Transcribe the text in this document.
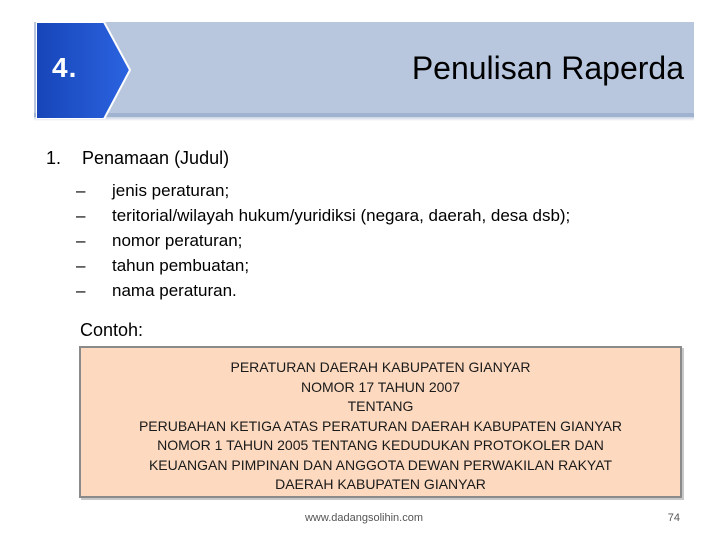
4.	Penulisan Raperda
1. Penamaan (Judul)
– jenis peraturan;
– teritorial/wilayah hukum/yuridiksi (negara, daerah, desa dsb);
– nomor peraturan;
– tahun pembuatan;
– nama peraturan.
Contoh:
PERATURAN DAERAH KABUPATEN GIANYAR
NOMOR 17 TAHUN 2007
TENTANG
PERUBAHAN KETIGA ATAS PERATURAN DAERAH KABUPATEN GIANYAR
NOMOR 1 TAHUN 2005 TENTANG KEDUDUKAN PROTOKOLER DAN
KEUANGAN PIMPINAN DAN ANGGOTA DEWAN PERWAKILAN RAKYAT
DAERAH KABUPATEN GIANYAR
www.dadangsolihin.com	74
